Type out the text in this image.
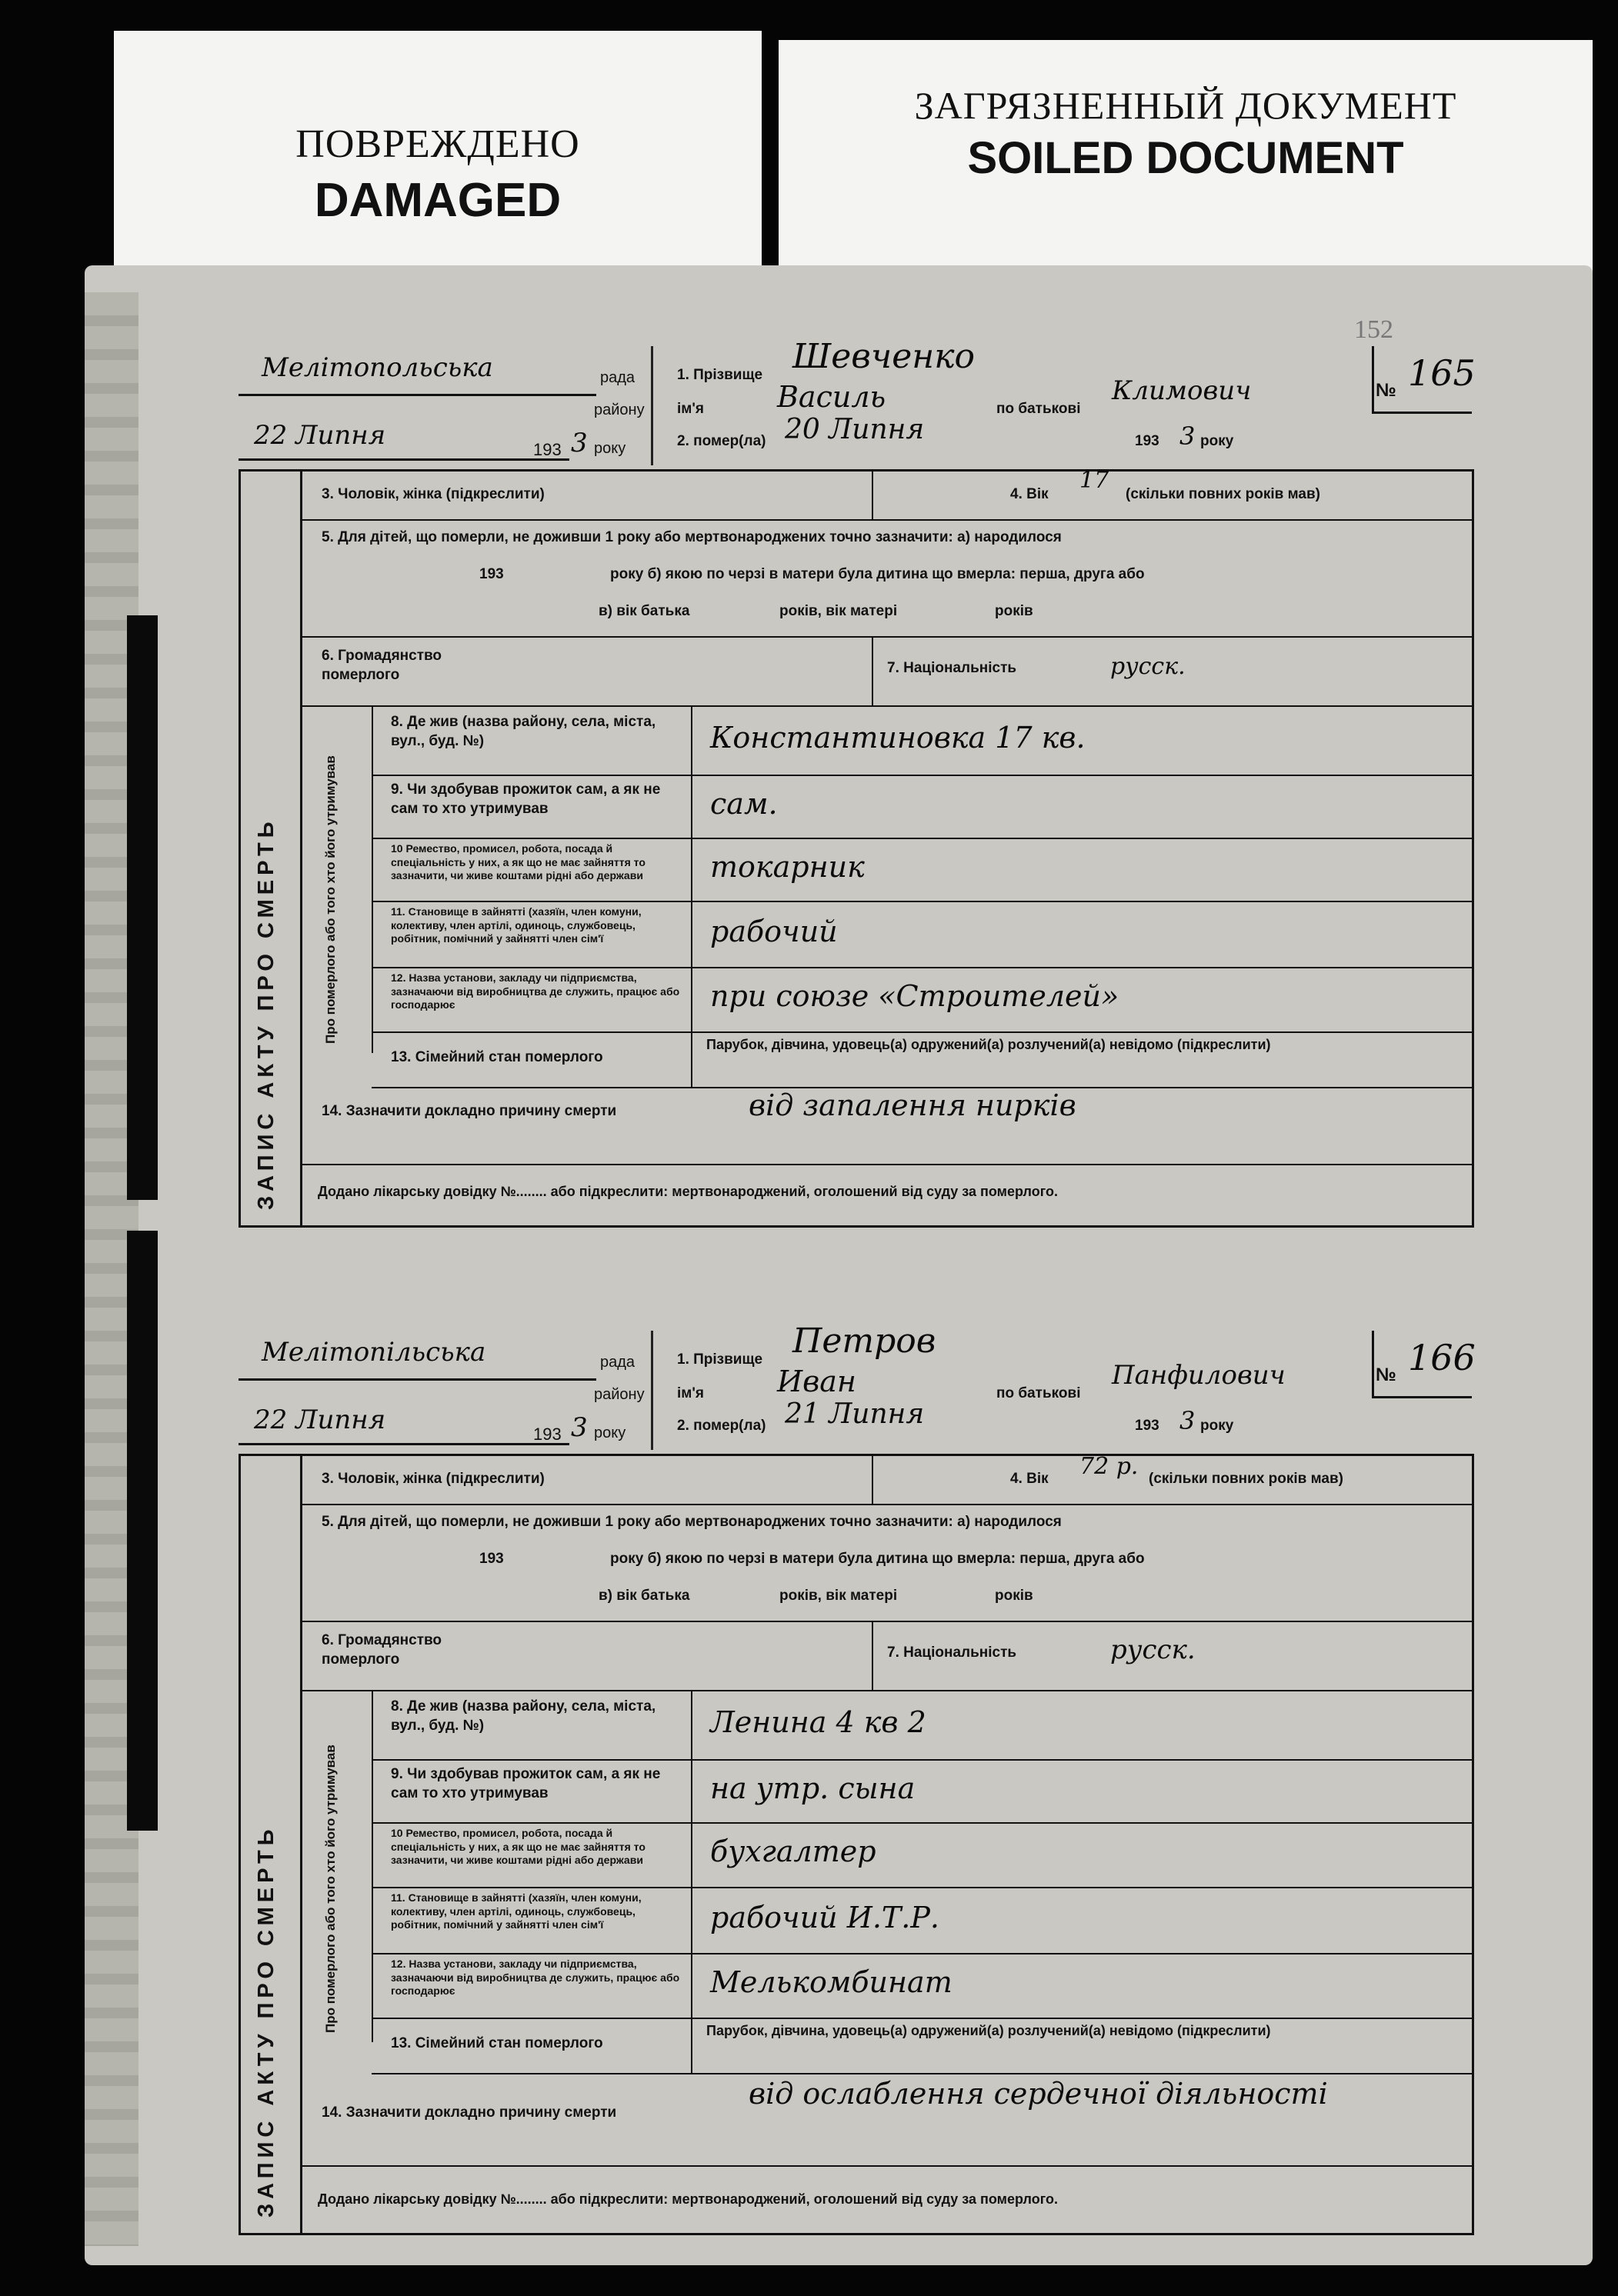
ПОВРЕЖДЕНО
DAMAGED
ЗАГРЯЗНЕННЫЙ ДОКУМЕНТ
SOILED DOCUMENT
152
Мелітопольська	рада
району
22 Липня	193 3 року
1. Прізвище Шевченко
ім'я	Василь	по батькові
Климович
2. помер(ла) 20 Липня	193 3 року
№ 165
ЗАПИС АКТУ ПРО СМЕРТЬ
3. Чоловік, жінка (підкреслити)	4. Вік
17
(скільки повних років мав)
5. Для дітей, що померли, не доживши 1 року або мертвонароджених точно зазначити: а) народилося
193	року б) якою по черзі в матери була дитина що вмерла: перша, друга або
в) вік батька	років, вік матері	років
6. Громадянство померлого	7. Національність	русск.
Про померлого або того хто його утримував
8. Де жив (назва району, села, міста, вул., буд. №)	Константиновка 17 кв.
9. Чи здобував прожиток сам, а як не сам то хто утримував	сам.
10 Ремество, промисел, робота, посада й спеціальність у них, а як що не має зайняття то зазначити, чи живе коштами рідні або держави	токарник
11. Становище в зайнятті (хазяїн, член комуни, колективу, член артілі, одиноць, службовець, робітник, помічний у зайнятті член сім'ї	рабочий
12. Назва установи, закладу чи підприємства, зазначаючи від виробництва де служить, працює або господарює	при союзе «Строителей»
13. Сімейний стан померлого
Парубок, дівчина, удовець(а) одружений(а) розлучений(а) невідомо (підкреслити)
14. Зазначити докладно причину смерти	від запалення нирків
Додано лікарську довідку №........ або підкреслити: мертвонароджений, оголошений від суду за померлого.
Мелітопільська	рада
району
22 Липня	193 3 року
1. Прізвище Петров
ім'я	Иван	по батькові
Панфилович
2. помер(ла) 21 Липня	193 3 року
№ 166
ЗАПИС АКТУ ПРО СМЕРТЬ
3. Чоловік, жінка (підкреслити)	4. Вік 72 р. (скільки повних років мав)
5. Для дітей, що померли, не доживши 1 року або мертвонароджених точно зазначити: а) народилося
193	року б) якою по черзі в матери була дитина що вмерла: перша, друга або
в) вік батька	років, вік матері	років
6. Громадянство померлого	7. Національність	русск.
Про померлого або того хто його утримував
8. Де жив (назва району, села, міста, вул., буд. №)	Ленина 4 кв 2
9. Чи здобував прожиток сам, а як не сам то хто утримував	на утр. сына
10 Ремество, промисел, робота, посада й спеціальність у них, а як що не має зайняття то зазначити, чи живе коштами рідні або держави	бухгалтер
11. Становище в зайнятті (хазяїн, член комуни, колективу, член артілі, одиноць, службовець, робітник, помічний у зайнятті член сім'ї	рабочий И.Т.Р.
12. Назва установи, закладу чи підприємства, зазначаючи від виробництва де служить, працює або господарює	Мелькомбинат
13. Сімейний стан померлого
Парубок, дівчина, удовець(а) одружений(а) розлучений(а) невідомо (підкреслити)
14. Зазначити докладно причину смерти
від ослаблення сердечної діяльності
Додано лікарську довідку №........ або підкреслити: мертвонароджений, оголошений від суду за померлого.
